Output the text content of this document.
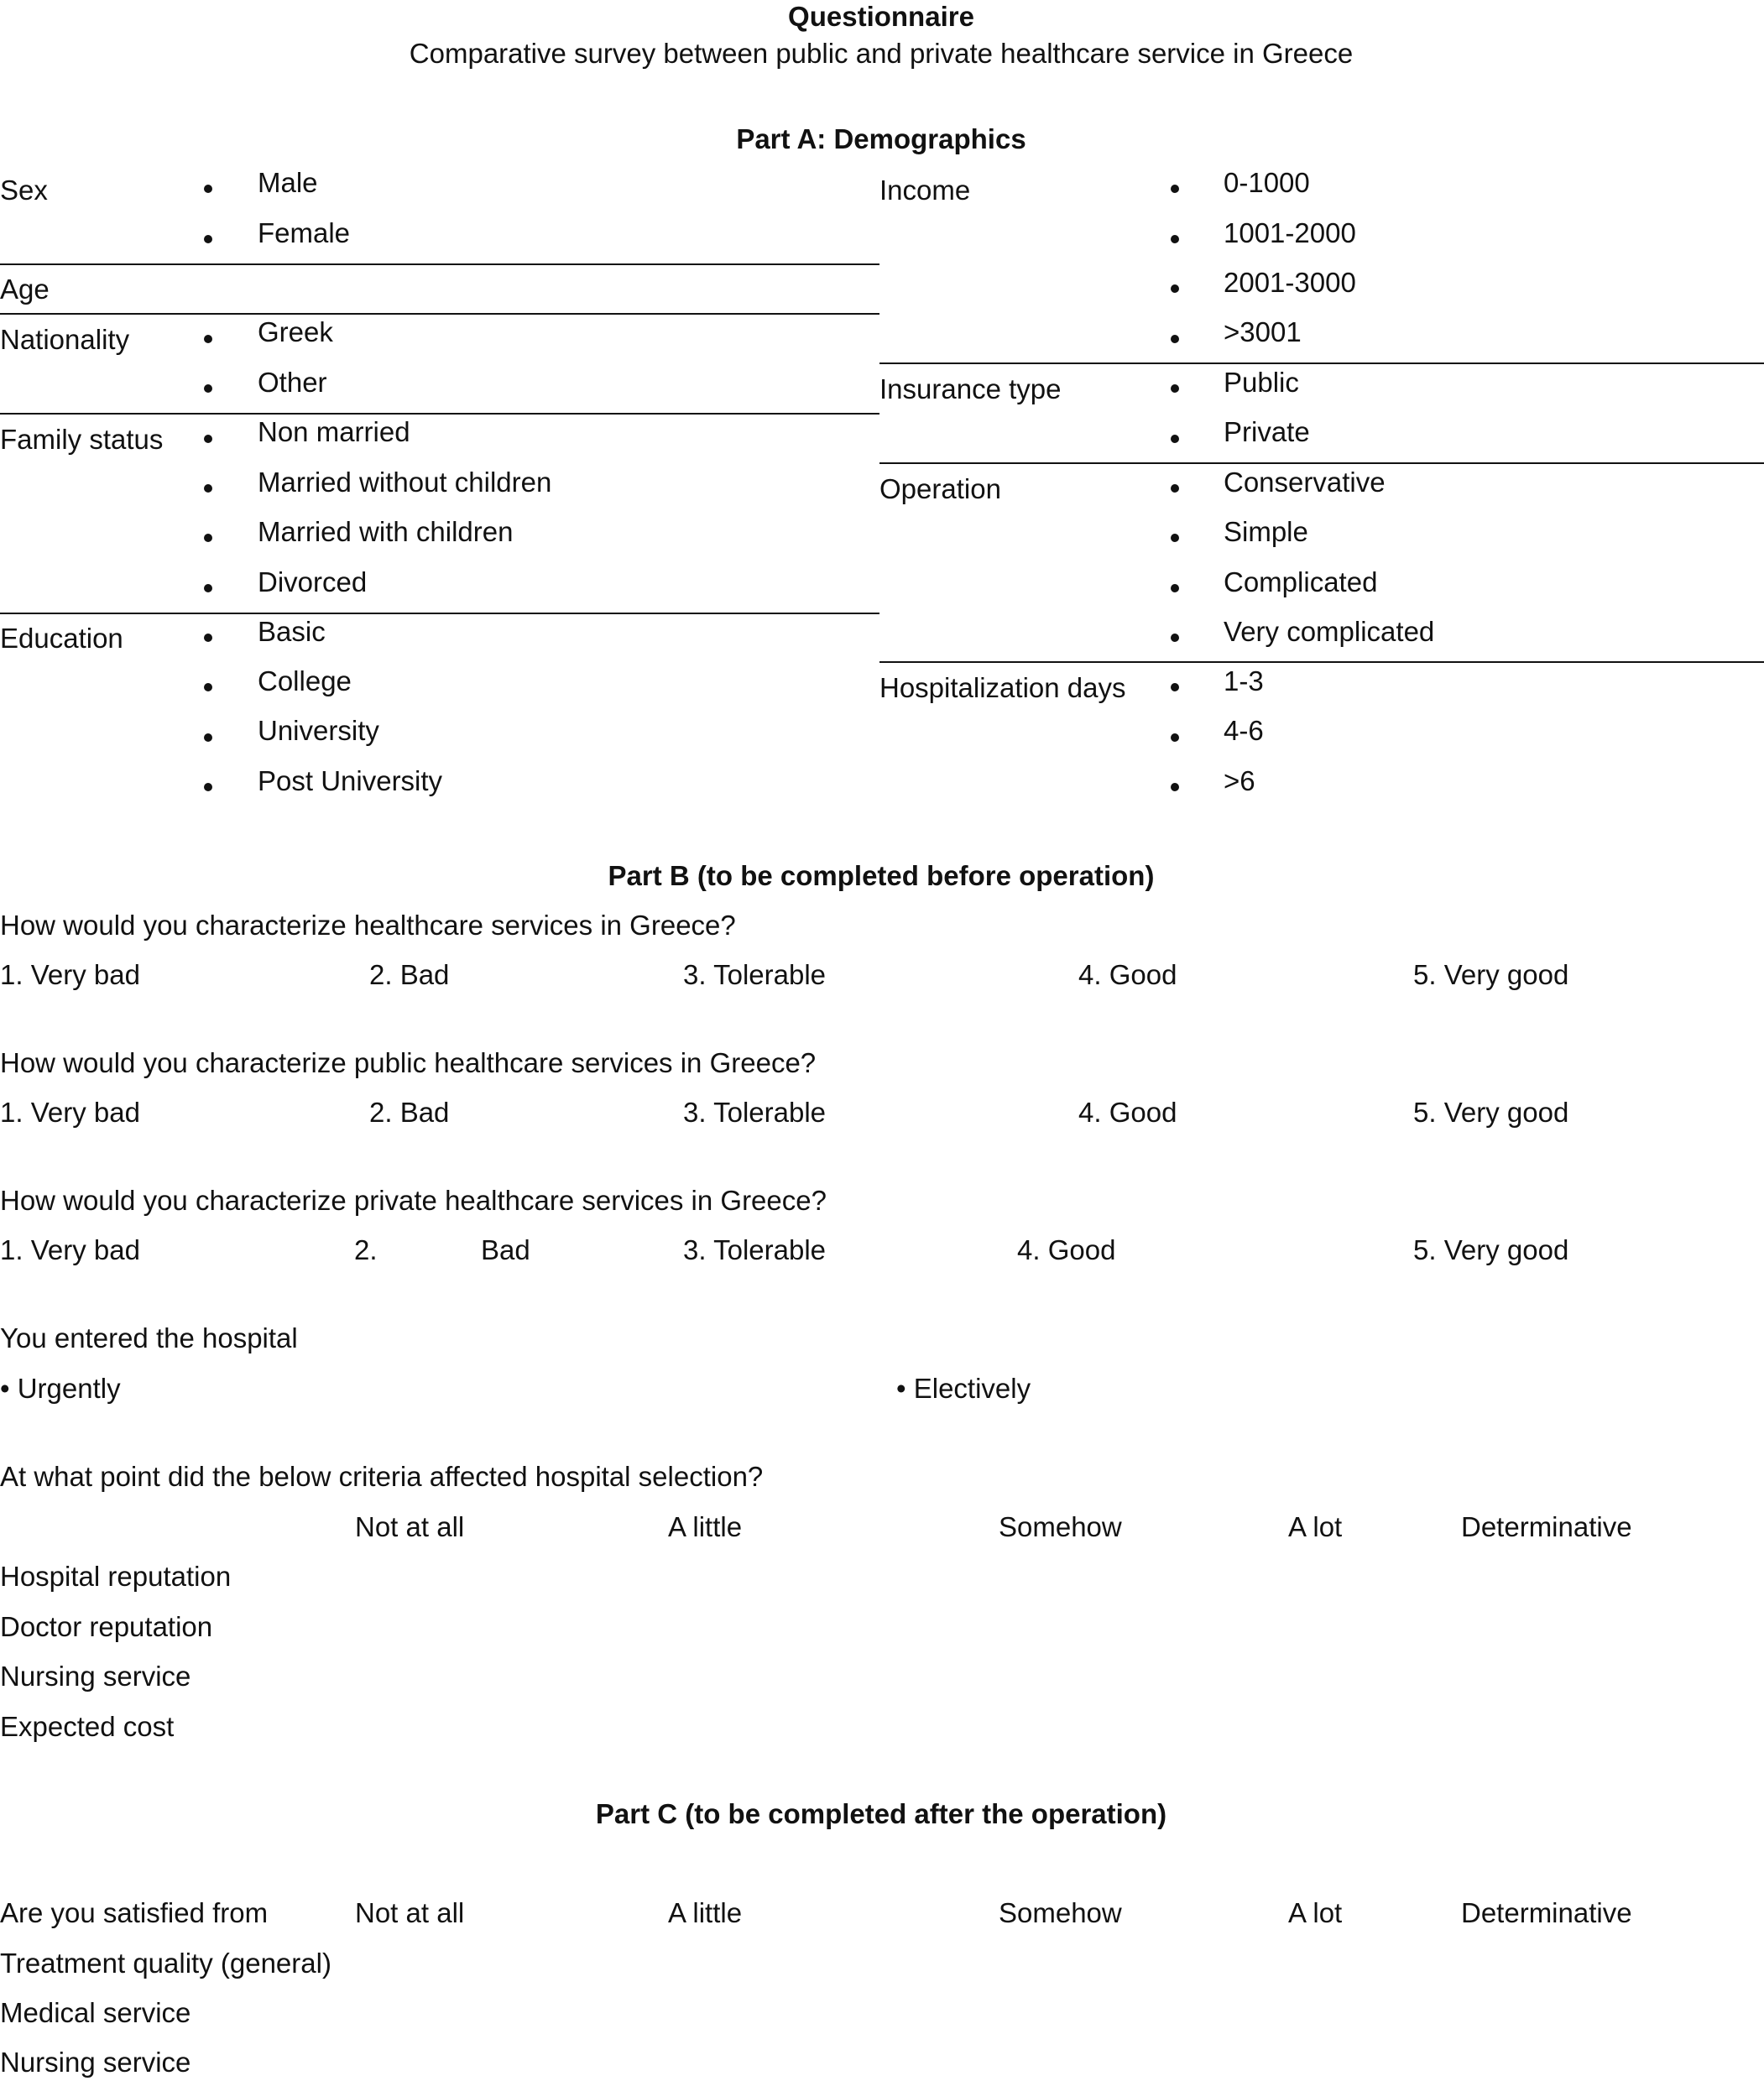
Questionnaire
Comparative survey between public and private healthcare service in Greece
Part A: Demographics
Sex	Male
Female
Age
Nationality	Greek
Other
Family status	Non married
Married without children
Married with children
Divorced
Education	Basic
College
University
Post University
Income	0-1000
1001-2000
2001-3000
>3001
Insurance type	Public
Private
Operation	Conservative
Simple
Complicated
Very complicated
Hospitalization days	1-3
4-6
>6
Part B (to be completed before operation)
How would you characterize healthcare services in Greece?
1. Very bad	2. Bad	3. Tolerable	4. Good	5. Very good
How would you characterize public healthcare services in Greece?
1. Very bad	2. Bad	3. Tolerable	4. Good	5. Very good
How would you characterize private healthcare services in Greece?
1. Very bad	2.	Bad	3. Tolerable	4. Good	5. Very good
You entered the hospital
• Urgently	• Electively
At what point did the below criteria affected hospital selection?
Not at all	A little	Somehow	A lot	Determinative
Hospital reputation
Doctor reputation
Nursing service
Expected cost
Part C (to be completed after the operation)
Are you satisfied from	Not at all	A little	Somehow	A lot	Determinative
Treatment quality (general)
Medical service
Nursing service
